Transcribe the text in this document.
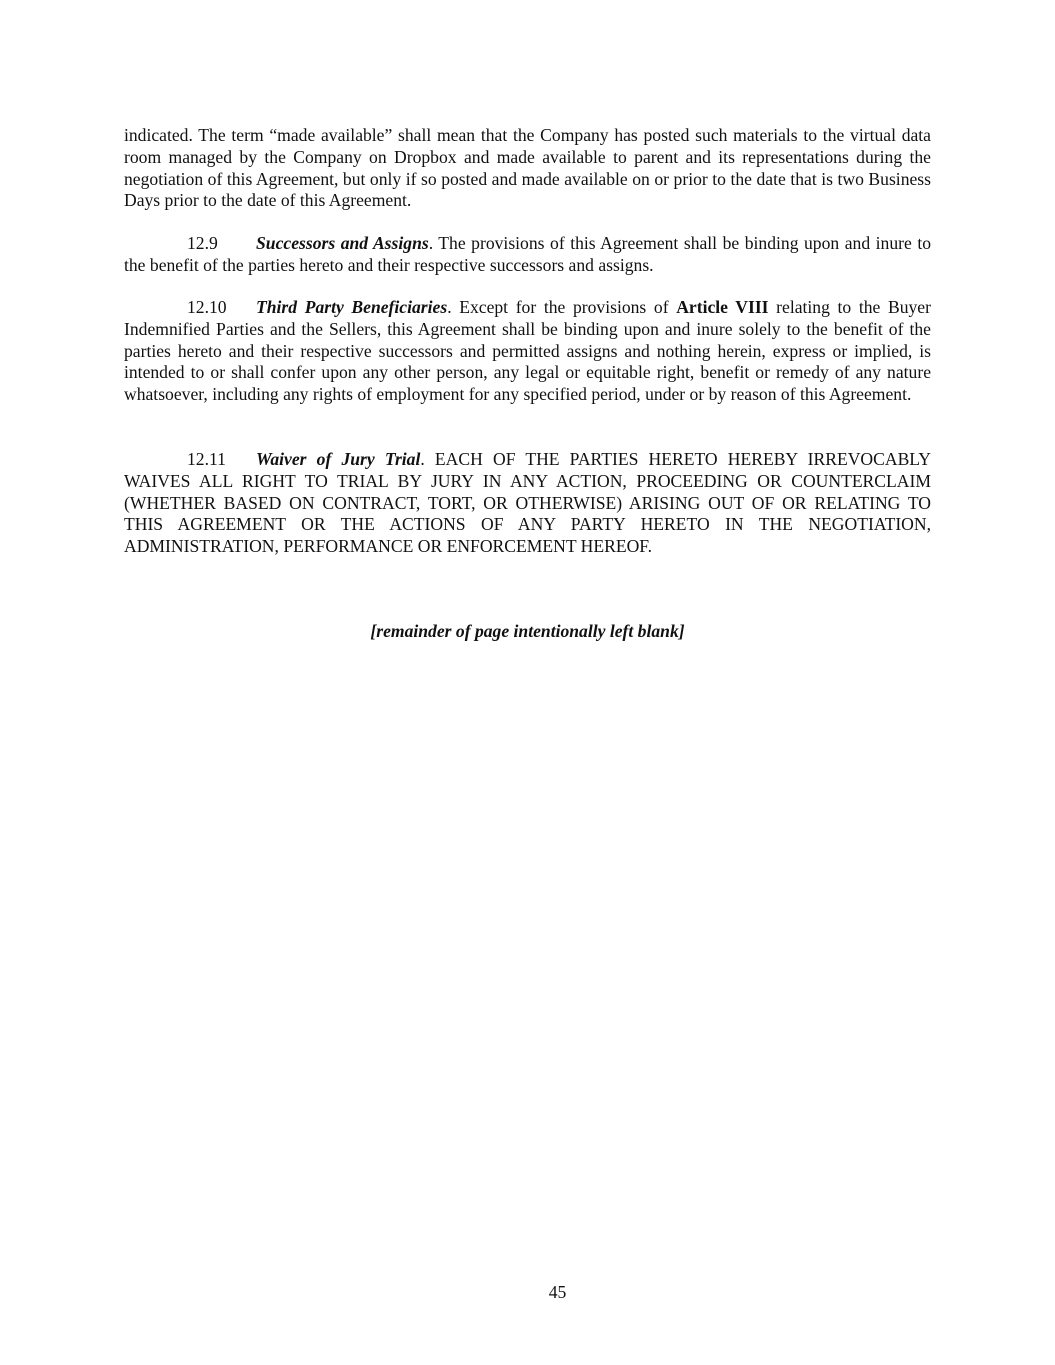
indicated. The term “made available” shall mean that the Company has posted such materials to the virtual data room managed by the Company on Dropbox and made available to parent and its representations during the negotiation of this Agreement, but only if so posted and made available on or prior to the date that is two Business Days prior to the date of this Agreement.

12.9 Successors and Assigns. The provisions of this Agreement shall be binding upon and inure to the benefit of the parties hereto and their respective successors and assigns.

12.10 Third Party Beneficiaries. Except for the provisions of Article VIII relating to the Buyer Indemnified Parties and the Sellers, this Agreement shall be binding upon and inure solely to the benefit of the parties hereto and their respective successors and permitted assigns and nothing herein, express or implied, is intended to or shall confer upon any other person, any legal or equitable right, benefit or remedy of any nature whatsoever, including any rights of employment for any specified period, under or by reason of this Agreement.

12.11 Waiver of Jury Trial. EACH OF THE PARTIES HERETO HEREBY IRREVOCABLY WAIVES ALL RIGHT TO TRIAL BY JURY IN ANY ACTION, PROCEEDING OR COUNTERCLAIM (WHETHER BASED ON CONTRACT, TORT, OR OTHERWISE) ARISING OUT OF OR RELATING TO THIS AGREEMENT OR THE ACTIONS OF ANY PARTY HERETO IN THE NEGOTIATION, ADMINISTRATION, PERFORMANCE OR ENFORCEMENT HEREOF.

[remainder of page intentionally left blank]

45
